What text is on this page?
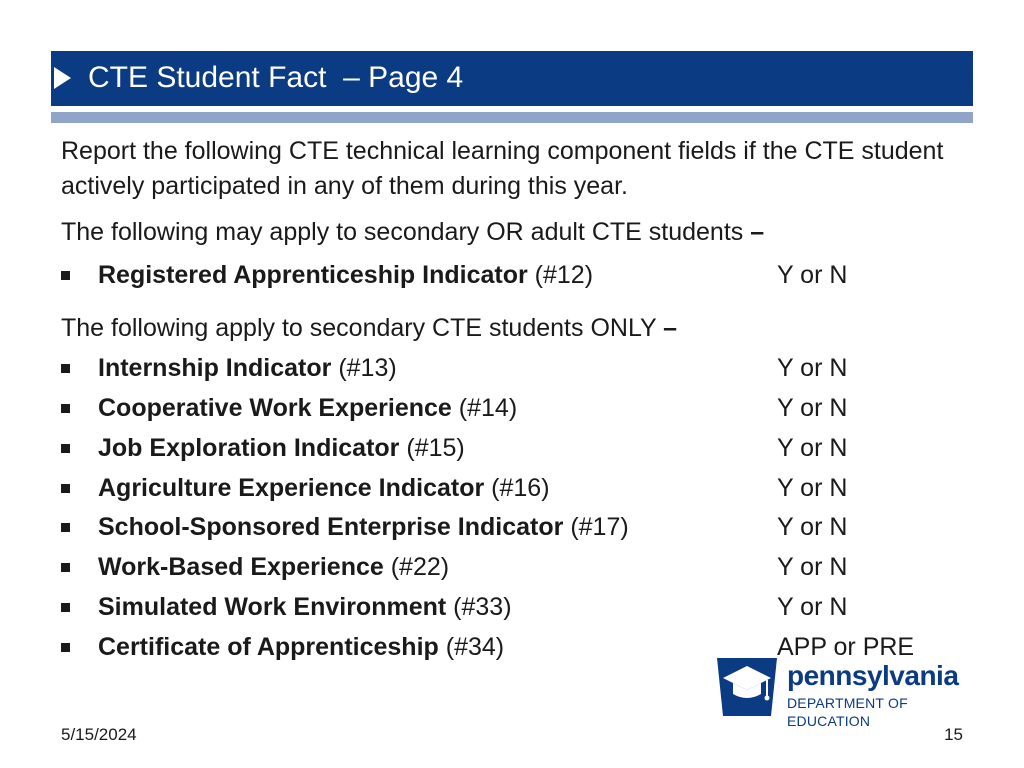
CTE Student Fact  – Page 4
Report the following CTE technical learning component fields if the CTE student actively participated in any of them during this year.
The following may apply to secondary OR adult CTE students –
Registered Apprenticeship Indicator (#12)	Y or N
The following apply to secondary CTE students ONLY –
Internship Indicator (#13)	Y or N
Cooperative Work Experience (#14)	Y or N
Job Exploration Indicator (#15)	Y or N
Agriculture Experience Indicator (#16)	Y or N
School-Sponsored Enterprise Indicator (#17)	Y or N
Work-Based Experience (#22)	Y or N
Simulated Work Environment (#33)	Y or N
Certificate of Apprenticeship (#34)	APP or PRE
pennsylvania
DEPARTMENT OF EDUCATION
5/15/2024	15
